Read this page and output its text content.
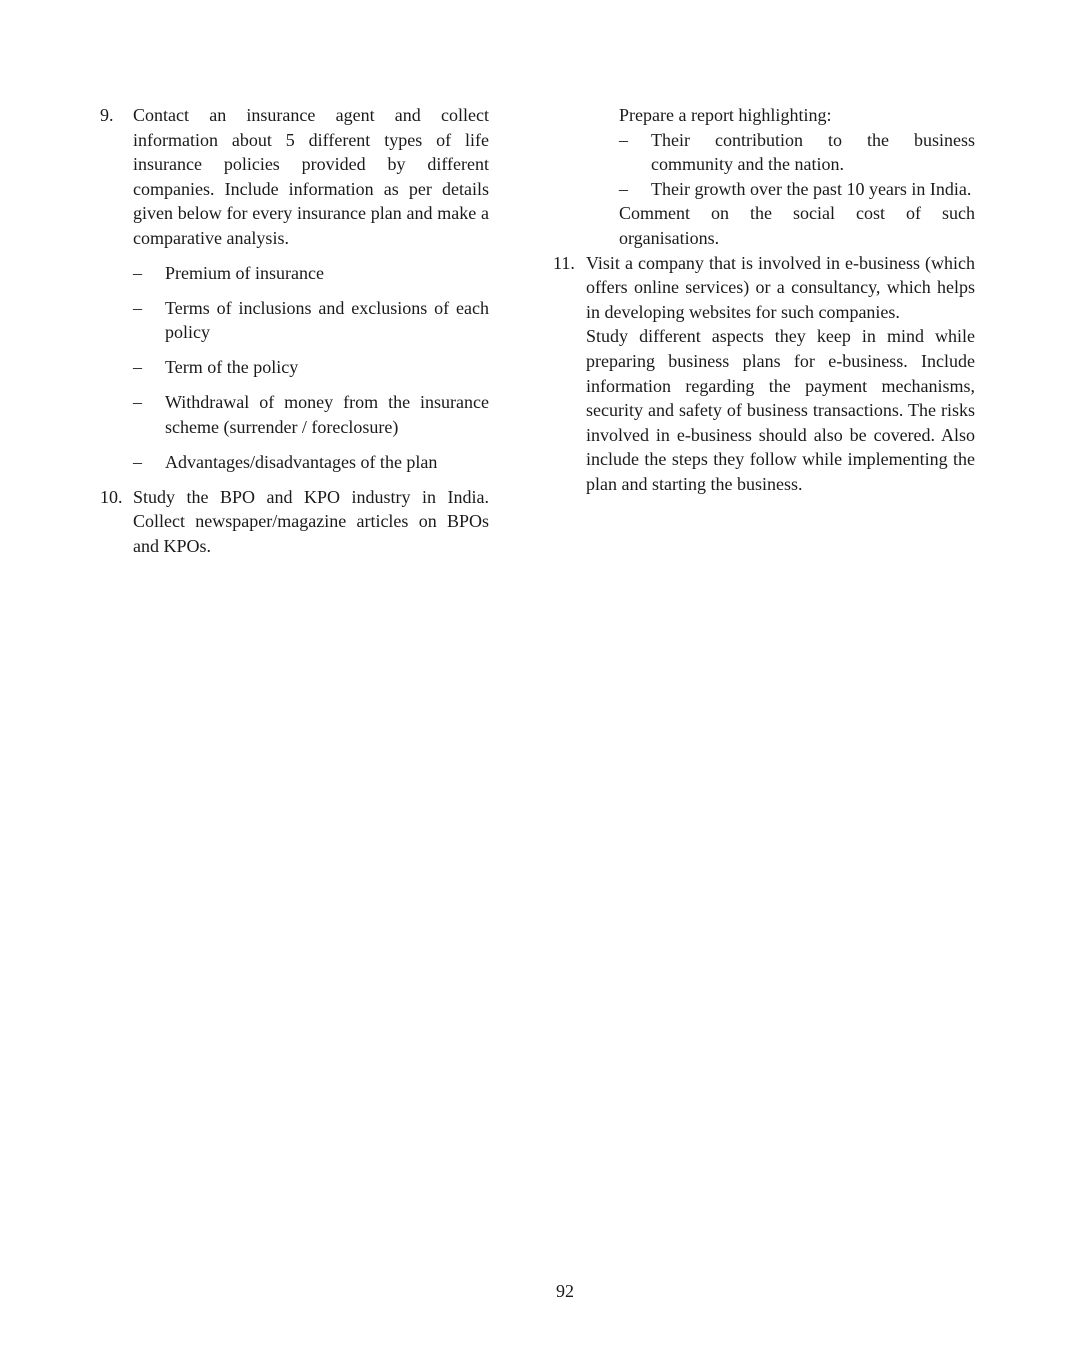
9. Contact an insurance agent and collect information about 5 different types of life insurance policies provided by different companies. Include information as per details given below for every insurance plan and make a comparative analysis.

– Premium of insurance
– Terms of inclusions and exclusions of each policy
– Term of the policy
– Withdrawal of money from the insurance scheme (surrender / foreclosure)
– Advantages/disadvantages of the plan
10. Study the BPO and KPO industry in India. Collect newspaper/magazine articles on BPOs and KPOs.

Prepare a report highlighting:

– Their contribution to the business community and the nation.
– Their growth over the past 10 years in India.

Comment on the social cost of such organisations.

11. Visit a company that is involved in e-business (which offers online services) or a consultancy, which helps in developing websites for such companies.

Study different aspects they keep in mind while preparing business plans for e-business. Include information regarding the payment mechanisms, security and safety of business transactions. The risks involved in e-business should also be covered. Also include the steps they follow while implementing the plan and starting the business.

92
